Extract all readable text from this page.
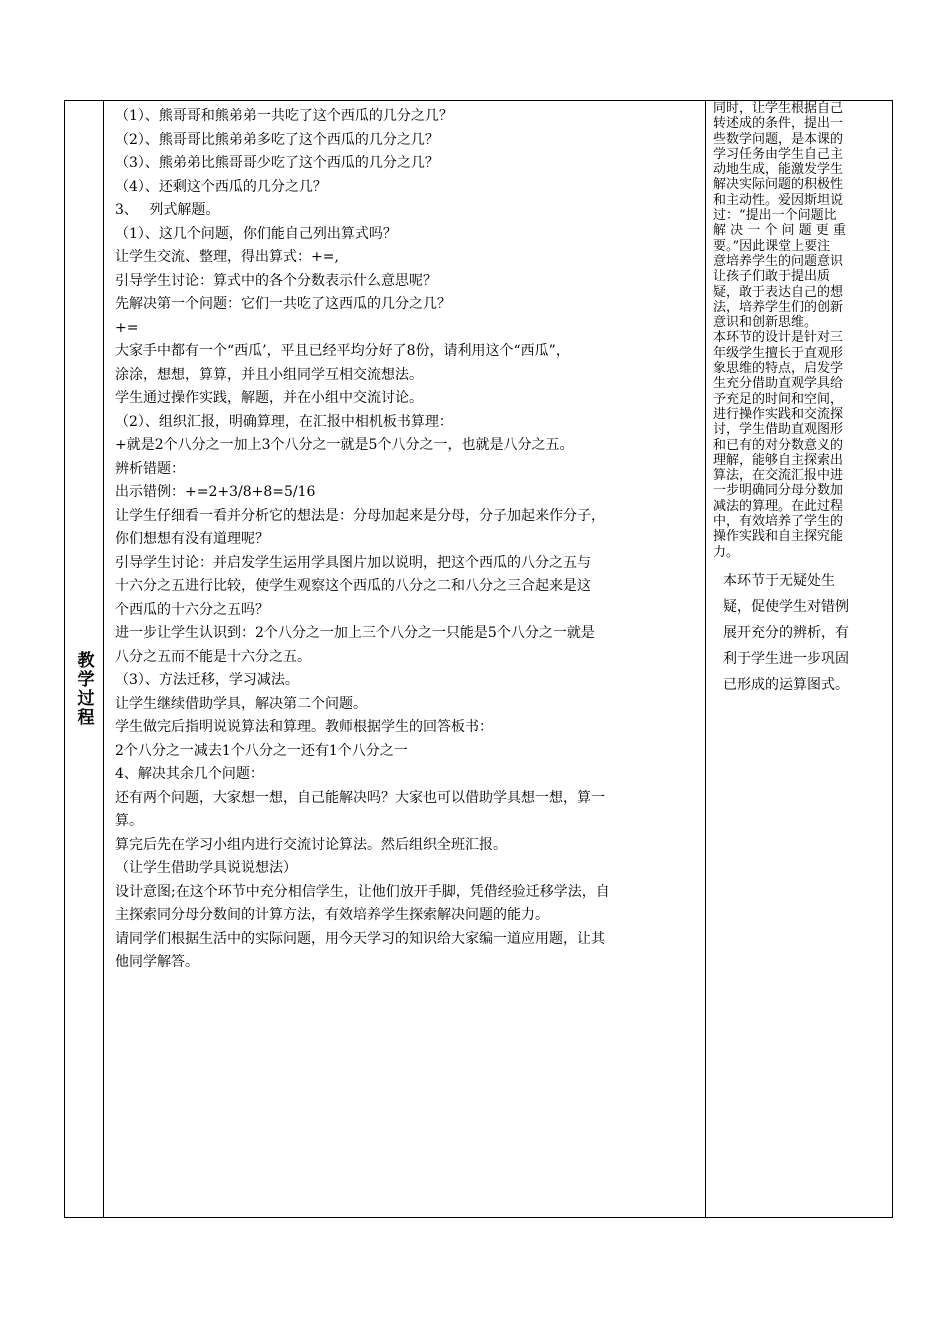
教学过程

（1）、熊哥哥和熊弟弟一共吃了这个西瓜的几分之几？

（2）、熊哥哥比熊弟弟多吃了这个西瓜的几分之几？

（3）、熊弟弟比熊哥哥少吃了这个西瓜的几分之几？

（4）、还剩这个西瓜的几分之几？

3、　 列式解题。

（1）、这几个问题，你们能自己列出算式吗？

让学生交流、整理，得出算式：+=,

引导学生讨论：算式中的各个分数表示什么意思呢？

先解决第一个问题：它们一共吃了这西瓜的几分之几？

+=

大家手中都有一个“西瓜’，平且已经平均分好了8份，请利用这个“西瓜”，

涂涂，想想，算算，并且小组同学互相交流想法。

学生通过操作实践，解题，并在小组中交流讨论。

（2）、组织汇报，明确算理，在汇报中相机板书算理：

+就是2个八分之一加上3个八分之一就是5个八分之一，也就是八分之五。

辨析错题：

出示错例：+=2+3/8+8=5/16

让学生仔细看一看并分析它的想法是：分母加起来是分母，分子加起来作分子，

你们想想有没有道理呢？

引导学生讨论：并启发学生运用学具图片加以说明，把这个西瓜的八分之五与

十六分之五进行比较，使学生观察这个西瓜的八分之二和八分之三合起来是这

个西瓜的十六分之五吗？

进一步让学生认识到：2个八分之一加上三个八分之一只能是5个八分之一就是

八分之五而不能是十六分之五。

（3）、方法迁移，学习减法。

让学生继续借助学具，解决第二个问题。

学生做完后指明说说算法和算理。教师根据学生的回答板书：

2个八分之一减去1个八分之一还有1个八分之一

4、解决其余几个问题：

还有两个问题，大家想一想，自己能解决吗？大家也可以借助学具想一想，算一

算。

算完后先在学习小组内进行交流讨论算法。然后组织全班汇报。

（让学生借助学具说说想法）

设计意图;在这个环节中充分相信学生，让他们放开手脚，凭借经验迁移学法，自

主探索同分母分数间的计算方法，有效培养学生探索解决问题的能力。

请同学们根据生活中的实际问题，用今天学习的知识给大家编一道应用题，让其

他同学解答。

同时，让学生根据自己

转述成的条件，提出一

些数学问题，是本课的

学习任务由学生自己主

动地生成，能激发学生

解决实际问题的积极性

和主动性。爱因斯坦说

过：“提出一个问题比

解 决 一 个 问 题 更 重

要。”因此课堂上要注

意培养学生的问题意识

让孩子们敢于提出质

疑，敢于表达自己的想

法，培养学生们的创新

意识和创新思维。

本环节的设计是针对三

年级学生擅长于直观形

象思维的特点，启发学

生充分借助直观学具给

予充足的时间和空间，

进行操作实践和交流探

讨，学生借助直观图形

和已有的对分数意义的

理解，能够自主探索出

算法，在交流汇报中进

一步明确同分母分数加

减法的算理。在此过程

中，有效培养了学生的

操作实践和自主探究能

力。

本环节于无疑处生

疑，促使学生对错例

展开充分的辨析，有

利于学生进一步巩固

已形成的运算图式。
